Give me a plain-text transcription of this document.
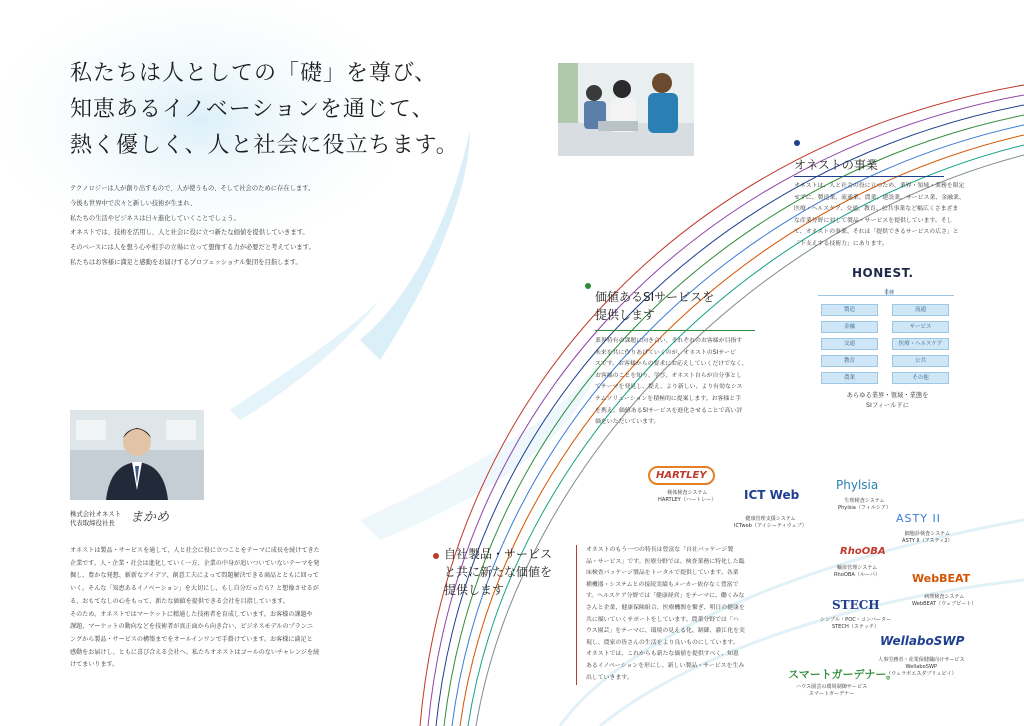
私たちは人としての「礎」を尊び、
知恵あるイノベーションを通じて、
熱く優しく、人と社会に役立ちます。
テクノロジーは人が創り出すもので、人が使うもの、そして社会のために存在します。
今後も世界中で次々と新しい技術が生まれ、
私たちの生活やビジネスは日々進化していくことでしょう。
オネストでは、技術を活用し、人と社会に役に立つ新たな価値を提供していきます。
そのベースには人を想う心や相手の立場に立って想像する力が必要だと考えています。
私たちはお客様に満足と感動をお届けするプロフェッショナル集団を目指します。
株式会社オネスト
代表取締役社長	まかめ
オネストは製品・サービスを通して、人と社会に役に立つことをテーマに成長を続けてきた
企業です。人・企業・社会は進化していく一方、企業の中身が追いついていないテーマを発
掘し、豊かな発想、斬新なアイデア、創意工夫によって問題解決できる商品とともに回って
いく。そんな「知恵あるイノベーション」を大切にし、もし自分だったら？と想像させるが
る、おもてなしの心をもって、新たな価値を提供できる会社を目指しています。
そのため、オネストではマーケットに精通した技術者を育成しています。お客様の課題や
課題、マーケットの動向などを技術者が真正面から向き合い、ビジネスモデルのプランニ
ングから製品・サービスの構築までをオールインワンで手掛けています。お客様に満足と
感動をお届けし、ともに喜び合える会社へ。私たちオネストはゴールのないチャレンジを続
けてまいります。
オネストの事業
オネストは、人と社会の役に立つため、業界・領域・業務を限定
せずに、製造業、流通業、農業、建設業、サービス業、金融業、
医療・ヘルスケア、交通、教育、公共事業など幅広くさまざま
な産業分野に対して製品・サービスを提供しています。そし
て、オネストの事業、それは「提供できるサービスの広さ」と
「下支えする技術力」にあります。
HONEST.
業種
製造	流通
金融	サービス
交通	医療・ヘルスケア
教育	公共
農業	その他
あらゆる業界・領域・業態を
SIフィールドに
価値あるSIサービスを
提供します
業界特有の課題に向き合い、それぞれのお客様が目指す
未来を共に作りあげていくのが、オネストのSIサービ
スです。お客様からの要求にお応えしていくだけでなく、
お客様のことを知り、学び、オネスト自らが自分事とし
てテーマを発見し、提え、より新しい、より有効なシス
テムソリューションを積極的に提案します。お客様と手
を携え、価値あるSIサービスを進化させることで高い評
価をいただいています。
自社製品・サービス
と共に新たな価値を
提供します
オネストのもう一つの特長は豊富な「自社パッケージ製
品・サービス」です。医療分野では、検査業務に特化した臨
床検査パッケージ製品をトータルで提供しています。各業
種機器・システムとの接続実績もメーカー依存なく豊富で
す。ヘルスケア分野では「健康経営」をテーマに、働くみな
さんと企業、健康保険組合、医療機関を繋ぎ、明日の健康を
共に描いていくサポートをしています。農業分野では「ハ
ウス園芸」をテーマに、環境の見える化、制御、灌江化を実
現し、農家の皆さんの生活をより良いものにしています。
オネストでは、これからも新たな価値を提供すべく、知恵
あるイノベーションを形にし、新しい製品・サービスを生み
出していきます。
HARTLEY
検体検査システム
HARTLEY（ハートレー） ICT Web
健康管理支援システム
ICTweb（アイシーティウェブ）
Phylsia
生理検査システム
Phylsia（フィルシア）
ASTY II
細胞診検査システム
ASTY II（アスティ2）
RhoOBA
輸血管理システム
RhoOBA（ルーバ）	WebBEAT
病理検査システム
WebBEAT（ウェブビート）
STECH
シンプル・POC・コンバーター
STECH（ステッチ）
WellaboSWP
人事労務者・産業保健職向けサービス
WellaboSWP
（ウェラボエスダブリュピイ）
スマートガーデナー。
ハウス園芸の環境制御サービス
スマートガーデナー
